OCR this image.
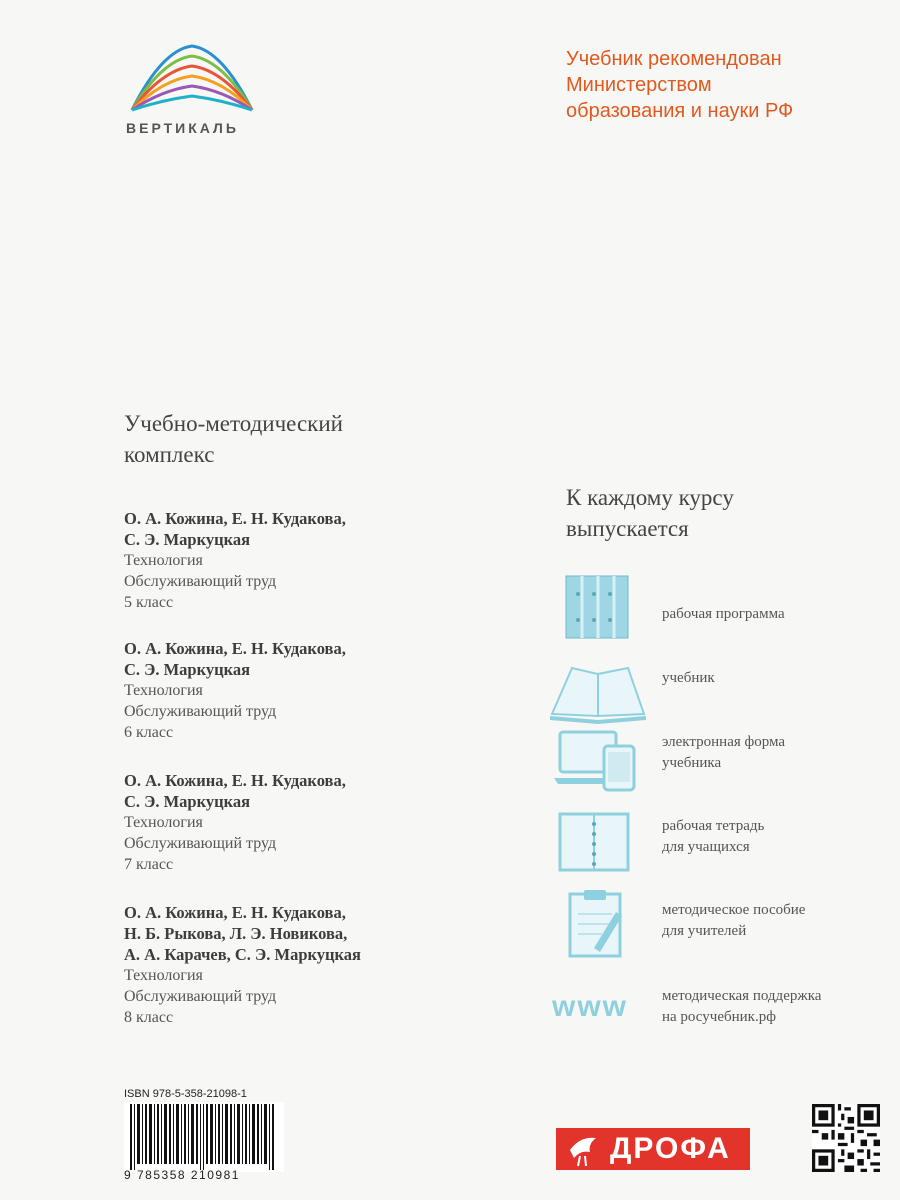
ВЕРТИКАЛЬ
Учебник рекомендован
Министерством
образования и науки РФ
Учебно-методический
комплекс
О. А. Кожина, Е. Н. Кудакова,
С. Э. Маркуцкая
Технология
Обслуживающий труд
5 класс
О. А. Кожина, Е. Н. Кудакова,
С. Э. Маркуцкая
Технология
Обслуживающий труд
6 класс
О. А. Кожина, Е. Н. Кудакова,
С. Э. Маркуцкая
Технология
Обслуживающий труд
7 класс
О. А. Кожина, Е. Н. Кудакова,
Н. Б. Рыкова, Л. Э. Новикова,
А. А. Карачев, С. Э. Маркуцкая
Технология
Обслуживающий труд
8 класс
К каждому курсу
выпускается
рабочая программа
учебник
электронная форма
учебника
рабочая тетрадь
для учащихся
методическое пособие
для учителей
www методическая поддержка
на росучебник.рф
ISBN 978-5-358-21098-1
9 785358 210981
ДРОФА
